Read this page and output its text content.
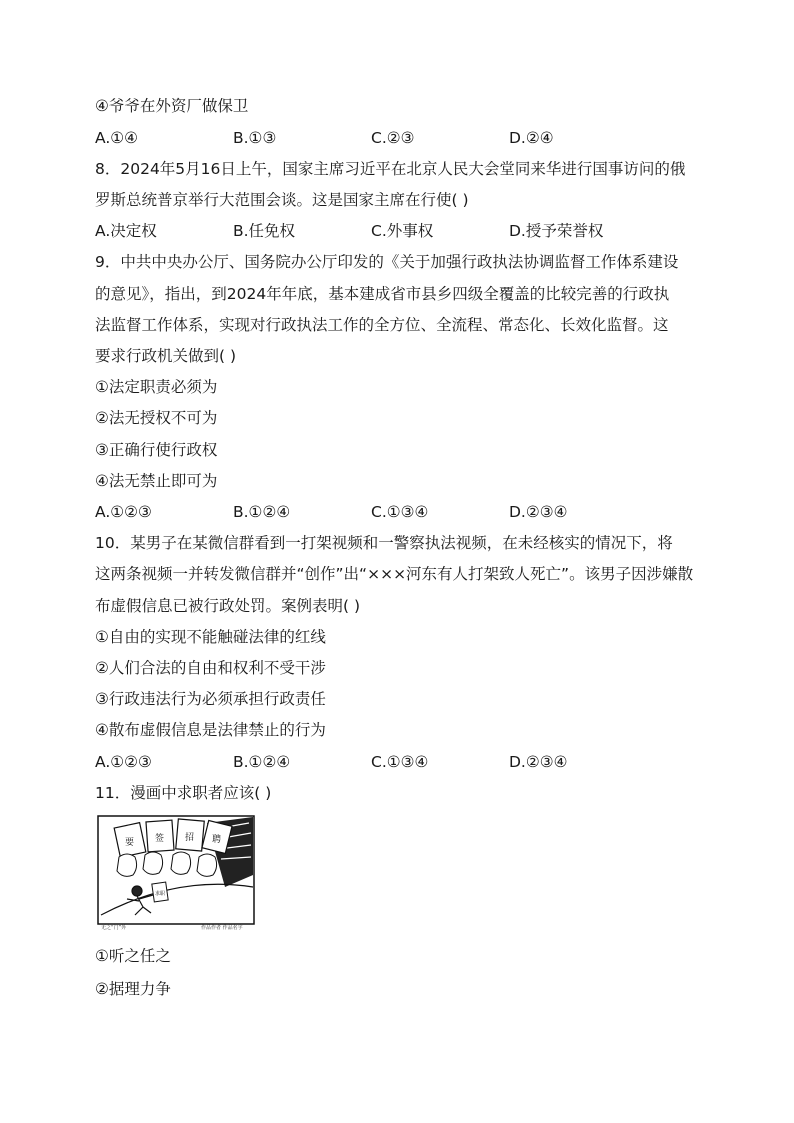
④爷爷在外资厂做保卫
A.①④	B.①③	C.②③	D.②④
8．2024年5月16日上午，国家主席习近平在北京人民大会堂同来华进行国事访问的俄
罗斯总统普京举行大范围会谈。这是国家主席在行使( )
A.决定权	B.任免权	C.外事权	D.授予荣誉权
9．中共中央办公厅、国务院办公厅印发的《关于加强行政执法协调监督工作体系建设
的意见》，指出，到2024年年底，基本建成省市县乡四级全覆盖的比较完善的行政执
法监督工作体系，实现对行政执法工作的全方位、全流程、常态化、长效化监督。这
要求行政机关做到( )
①法定职责必须为
②法无授权不可为
③正确行使行政权
④法无禁止即可为
A.①②③	B.①②④	C.①③④	D.②③④
10．某男子在某微信群看到一打架视频和一警察执法视频，在未经核实的情况下，将
这两条视频一并转发微信群并“创作”出“×××河东有人打架致人死亡”。该男子因涉嫌散
布虚假信息已被行政处罚。案例表明( )
①自由的实现不能触碰法律的红线
②人们合法的自由和权利不受干涉
③行政违法行为必须承担行政责任
④散布虚假信息是法律禁止的行为
A.①②③	B.①②④	C.①③④	D.②③④
11．漫画中求职者应该( )
要 签 招 聘
求职
无之“门”外	作品作者 作品名字
①听之任之
②据理力争
